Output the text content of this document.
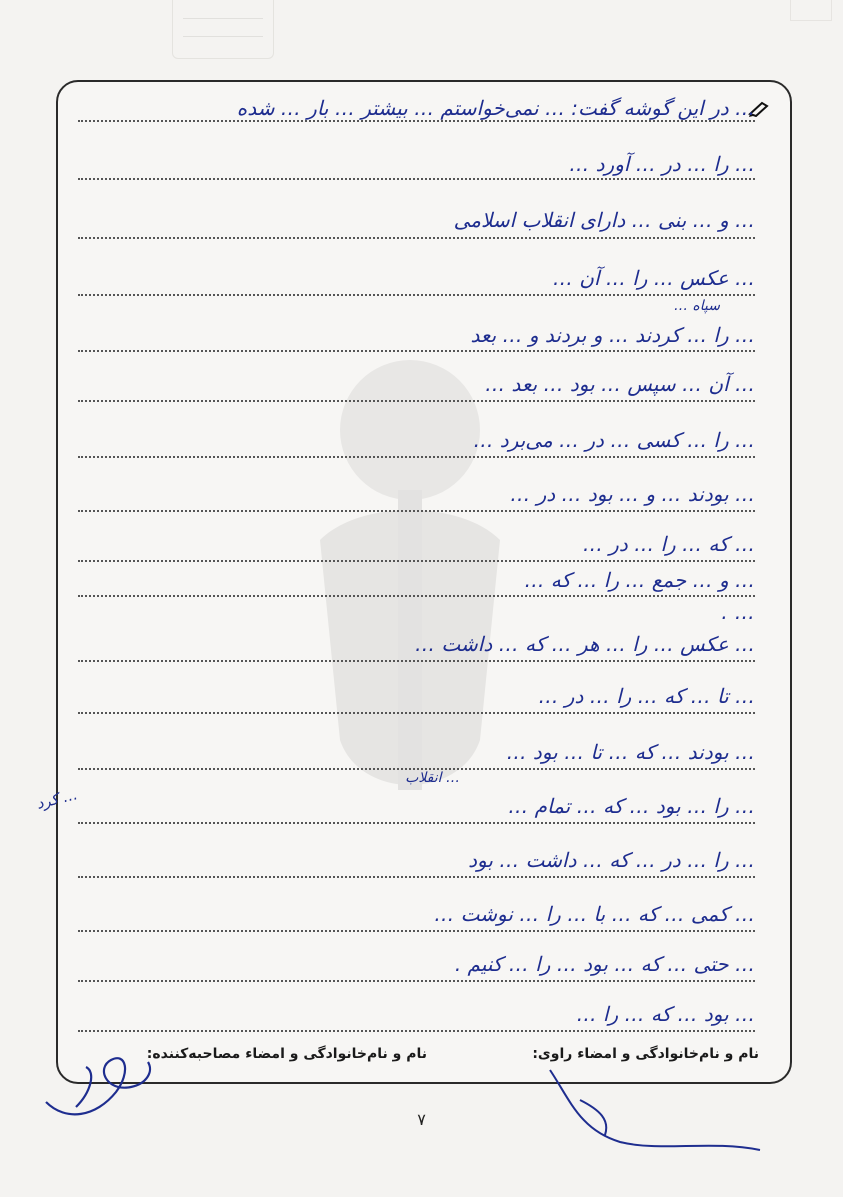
… در این گوشه گفت: … نمی‌خواستم … بیشتر … بار … شده
… را … در … آورد …
… و … بنی … دارای انقلاب اسلامی
… عکس … را … آن …
… را … کردند … و بردند و … بعد
… آن … سپس … بود … بعد …
… را … کسی … در … می‌برد …
… بودند … و … بود … در …
… که … را … در …
… و … جمع … را … که …
… .
… عکس … را … هر … که … داشت …
… تا … که … را … در …
… بودند … که … تا … بود …
… را … بود … که … تمام …
… را … در … که … داشت … بود
… کمی … که … با … را … نوشت …
… حتی … که … بود … را … کنیم .
… بود … که … را …
سپاه …
… انقلاب
… کرد
نام و نام‌خانوادگی و امضاء راوی:
نام و نام‌خانوادگی و امضاء مصاحبه‌کننده:
۷
